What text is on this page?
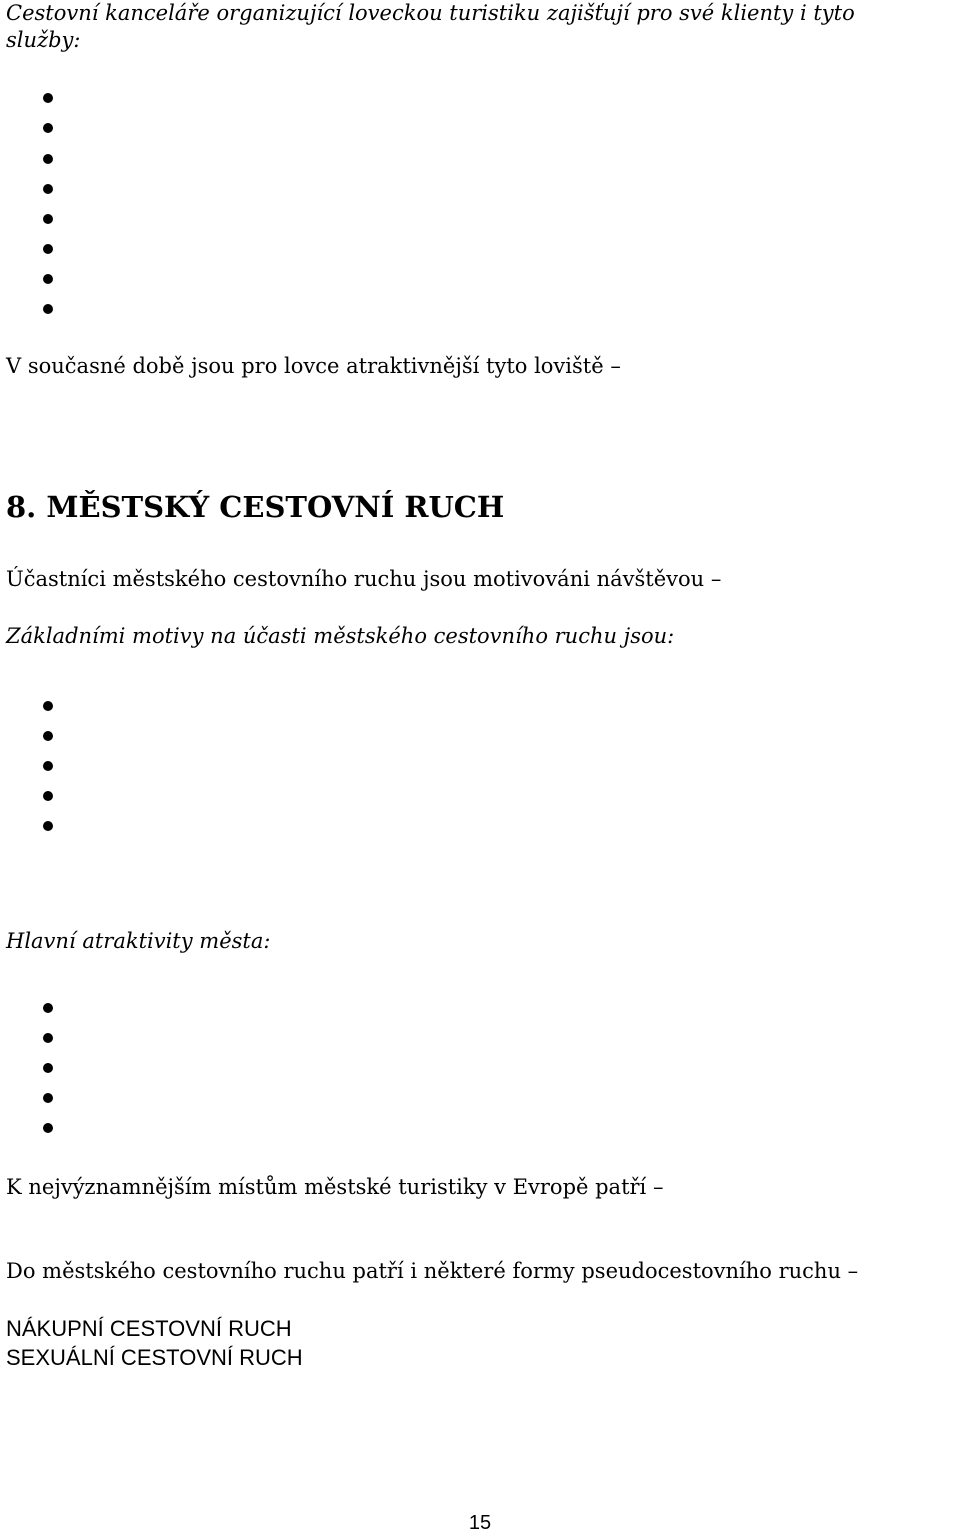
Cestovní kanceláře organizující loveckou turistiku zajišťují pro své klienty i tyto
služby:
V současné době jsou pro lovce atraktivnější tyto loviště –
8. MĚSTSKÝ CESTOVNÍ RUCH
Účastníci městského cestovního ruchu jsou motivováni návštěvou –
Základními motivy na účasti městského cestovního ruchu jsou:
Hlavní atraktivity města:
K nejvýznamnějším místům městské turistiky v Evropě patří –
Do městského cestovního ruchu patří i některé formy pseudocestovního ruchu –
NÁKUPNÍ CESTOVNÍ RUCH
SEXUÁLNÍ CESTOVNÍ RUCH
15
